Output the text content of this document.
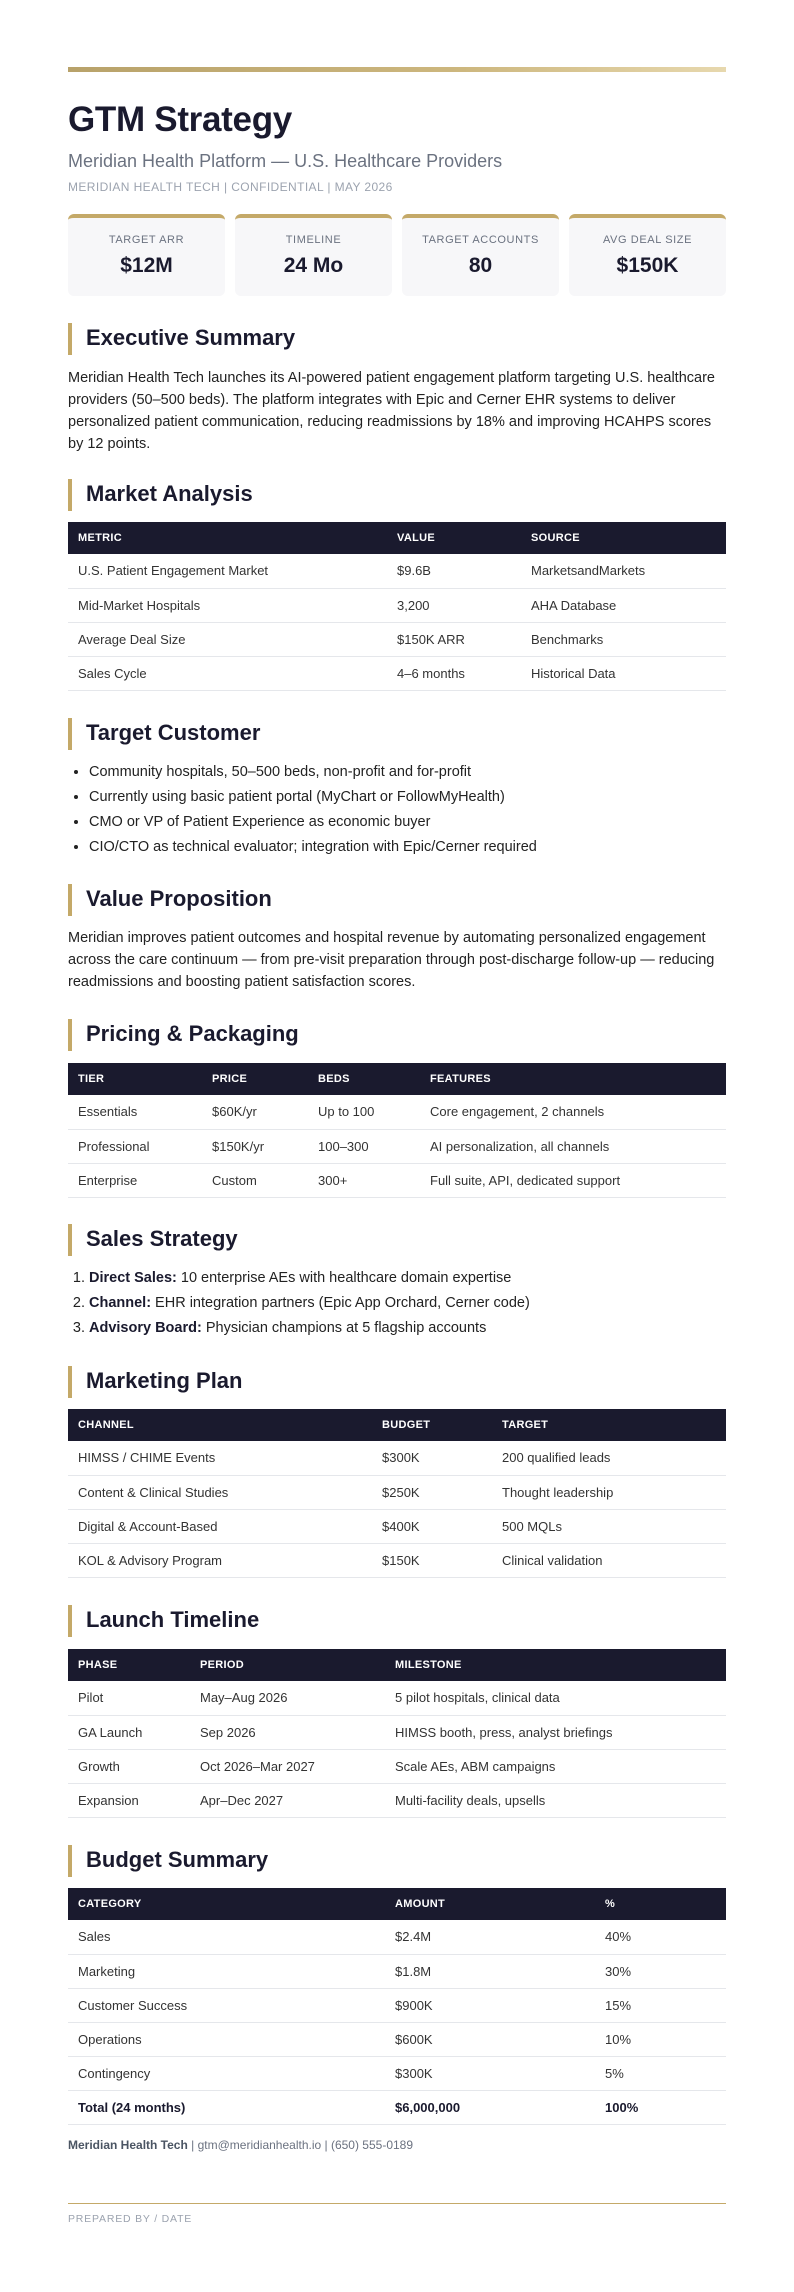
GTM Strategy
Meridian Health Platform — U.S. Healthcare Providers
MERIDIAN HEALTH TECH | CONFIDENTIAL | MAY 2026
TARGET ARR
$12M
TIMELINE
24 Mo
TARGET ACCOUNTS
80
AVG DEAL SIZE
$150K
Executive Summary

Meridian Health Tech launches its AI-powered patient engagement platform targeting U.S. healthcare providers (50–500 beds). The platform integrates with Epic and Cerner EHR systems to deliver personalized patient communication, reducing readmissions by 18% and improving HCAHPS scores by 12 points.

Market Analysis
METRIC	VALUE	SOURCE
U.S. Patient Engagement Market	$9.6B	MarketsandMarkets
Mid-Market Hospitals	3,200	AHA Database
Average Deal Size	$150K ARR	Benchmarks
Sales Cycle	4–6 months	Historical Data
Target Customer
• Community hospitals, 50–500 beds, non-profit and for-profit
• Currently using basic patient portal (MyChart or FollowMyHealth)
• CMO or VP of Patient Experience as economic buyer
• CIO/CTO as technical evaluator; integration with Epic/Cerner required
Value Proposition

Meridian improves patient outcomes and hospital revenue by automating personalized engagement across the care continuum — from pre-visit preparation through post-discharge follow-up — reducing readmissions and boosting patient satisfaction scores.

Pricing & Packaging
TIER	PRICE	BEDS	FEATURES
Essentials	$60K/yr	Up to 100	Core engagement, 2 channels
Professional	$150K/yr	100–300	AI personalization, all channels
Enterprise	Custom	300+	Full suite, API, dedicated support
Sales Strategy
1. Direct Sales: 10 enterprise AEs with healthcare domain expertise
2. Channel: EHR integration partners (Epic App Orchard, Cerner code)
3. Advisory Board: Physician champions at 5 flagship accounts
Marketing Plan
CHANNEL	BUDGET	TARGET
HIMSS / CHIME Events	$300K	200 qualified leads
Content & Clinical Studies	$250K	Thought leadership
Digital & Account-Based	$400K	500 MQLs
KOL & Advisory Program	$150K	Clinical validation
Launch Timeline
PHASE	PERIOD	MILESTONE
Pilot	May–Aug 2026	5 pilot hospitals, clinical data
GA Launch	Sep 2026	HIMSS booth, press, analyst briefings
Growth	Oct 2026–Mar 2027	Scale AEs, ABM campaigns
Expansion	Apr–Dec 2027	Multi-facility deals, upsells
Budget Summary
CATEGORY	AMOUNT	%
Sales	$2.4M	40%
Marketing	$1.8M	30%
Customer Success	$900K	15%
Operations	$600K	10%
Contingency	$300K	5%
Total (24 months)	$6,000,000	100%
Meridian Health Tech | gtm@meridianhealth.io | (650) 555-0189
PREPARED BY / DATE
